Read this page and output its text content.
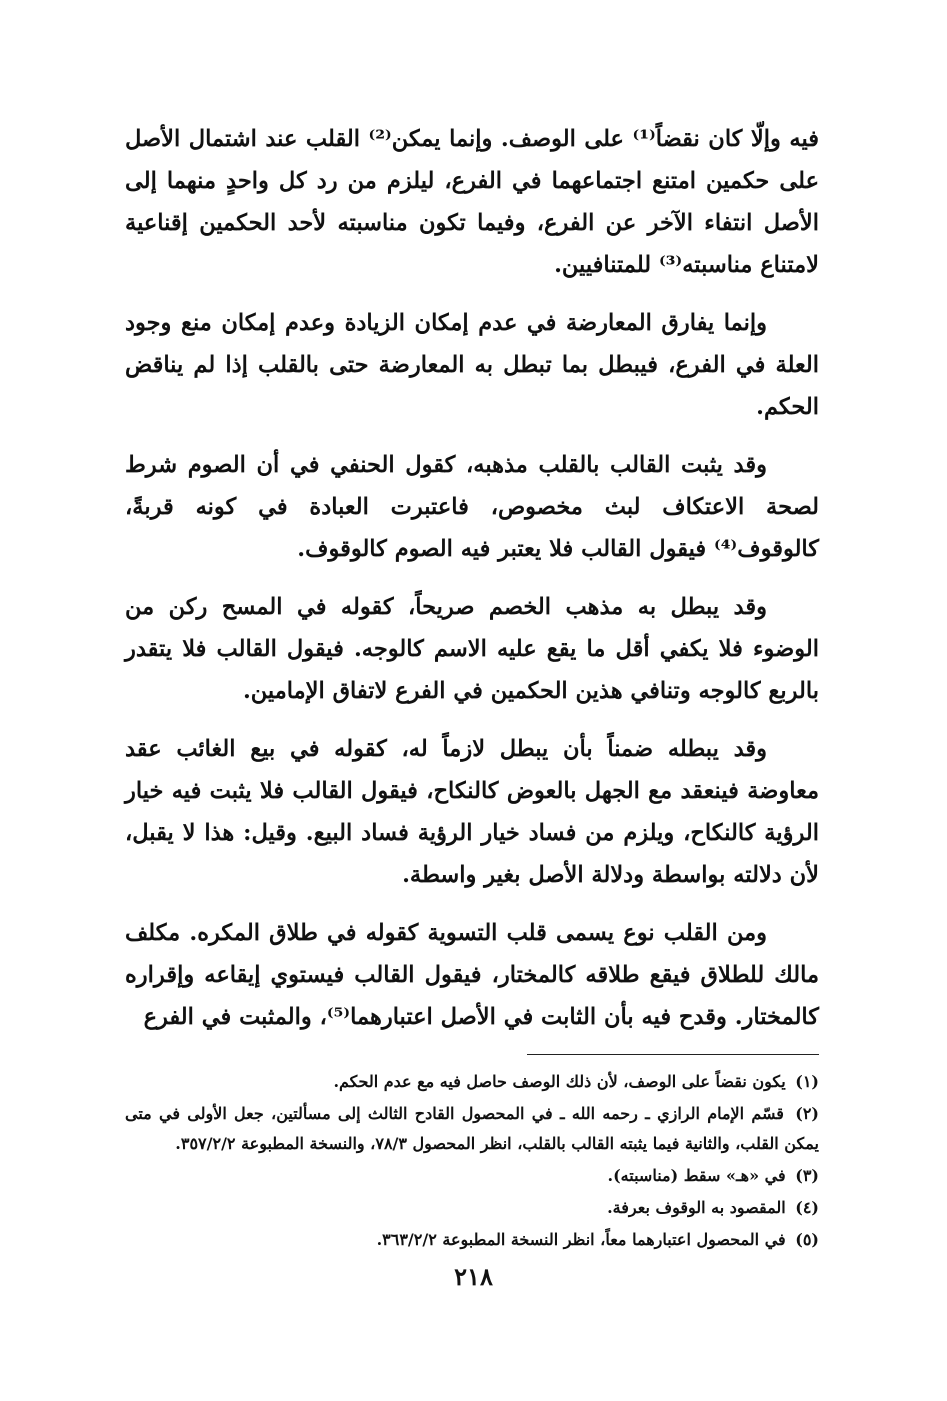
فيه وإلّا كان نقضاً⁽¹⁾ على الوصف. وإنما يمكن⁽²⁾ القلب عند اشتمال الأصل على حكمين امتنع اجتماعهما في الفرع، ليلزم من رد كل واحدٍ منهما إلى الأصل انتفاء الآخر عن الفرع، وفيما تكون مناسبته لأحد الحكمين إقناعية لامتناع مناسبته⁽³⁾ للمتنافيين.

وإنما يفارق المعارضة في عدم إمكان الزيادة وعدم إمكان منع وجود العلة في الفرع، فيبطل بما تبطل به المعارضة حتى بالقلب إذا لم يناقض الحكم.

وقد يثبت القالب بالقلب مذهبه، كقول الحنفي في أن الصوم شرط لصحة الاعتكاف لبث مخصوص، فاعتبرت العبادة في كونه قربةً، كالوقوف⁽⁴⁾ فيقول القالب فلا يعتبر فيه الصوم كالوقوف.

وقد يبطل به مذهب الخصم صريحاً، كقوله في المسح ركن من الوضوء فلا يكفي أقل ما يقع عليه الاسم كالوجه. فيقول القالب فلا يتقدر بالربع كالوجه وتنافي هذين الحكمين في الفرع لاتفاق الإمامين.

وقد يبطله ضمناً بأن يبطل لازماً له، كقوله في بيع الغائب عقد معاوضة فينعقد مع الجهل بالعوض كالنكاح، فيقول القالب فلا يثبت فيه خيار الرؤية كالنكاح، ويلزم من فساد خيار الرؤية فساد البيع. وقيل: هذا لا يقبل، لأن دلالته بواسطة ودلالة الأصل بغير واسطة.

ومن القلب نوع يسمى قلب التسوية كقوله في طلاق المكره. مكلف مالك للطلاق فيقع طلاقه كالمختار، فيقول القالب فيستوي إيقاعه وإقراره كالمختار. وقدح فيه بأن الثابت في الأصل اعتبارهما⁽⁵⁾، والمثبت في الفرع

(١) يكون نقضاً على الوصف، لأن ذلك الوصف حاصل فيه مع عدم الحكم.
(٢) قسّم الإمام الرازي ـ رحمه الله ـ في المحصول القادح الثالث إلى مسألتين، جعل الأولى في متى يمكن القلب، والثانية فيما يثبته القالب بالقلب، انظر المحصول ٧٨/٣، والنسخة المطبوعة ٣٥٧/٢/٢.
(٣) في «هـ» سقط (مناسبته).
(٤) المقصود به الوقوف بعرفة.
(٥) في المحصول اعتبارهما معاً، انظر النسخة المطبوعة ٣٦٣/٢/٢.
٢١٨
